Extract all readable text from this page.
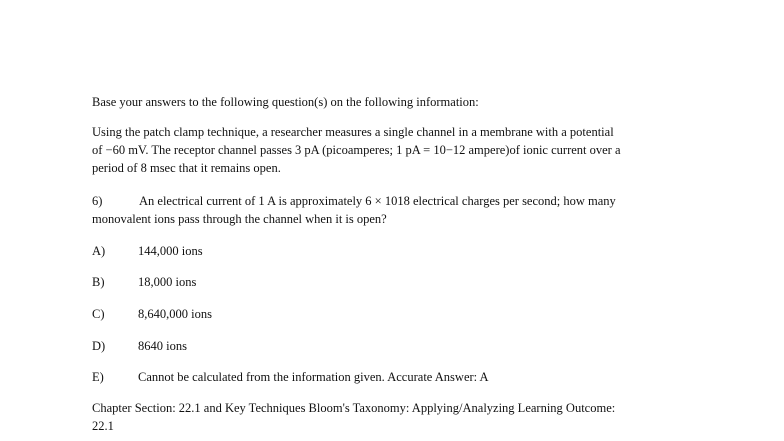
Base your answers to the following question(s) on the following information:
Using the patch clamp technique, a researcher measures a single channel in a membrane with a potential
of −60 mV. The receptor channel passes 3 pA (picoamperes; 1 pA = 10−12 ampere)of ionic current over a
period of 8 msec that it remains open.
6)	An electrical current of 1 A is approximately 6 × 1018 electrical charges per second; how many
monovalent ions pass through the channel when it is open?
A)	144,000 ions
B)	18,000 ions
C)	8,640,000 ions
D)	8640 ions
E)	Cannot be calculated from the information given. Accurate Answer: A
Chapter Section: 22.1 and Key Techniques Bloom's Taxonomy: Applying/Analyzing Learning Outcome:
22.1
